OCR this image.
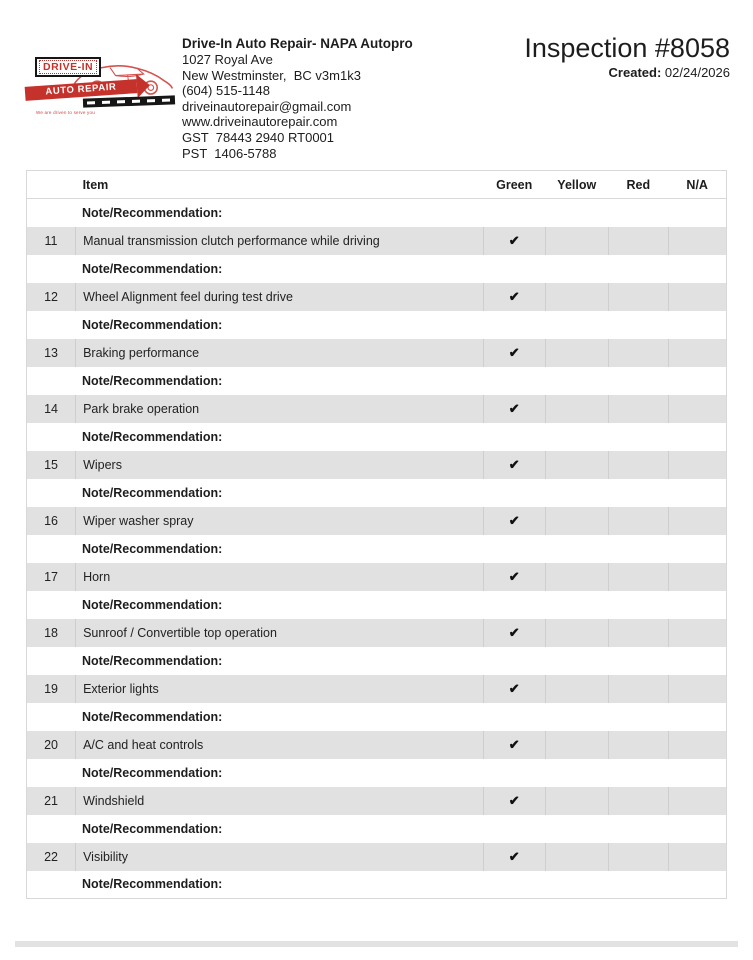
DRIVE-IN
AUTO REPAIR
We are driven to serve you
Drive-In Auto Repair- NAPA Autopro
1027 Royal Ave
New Westminster,  BC v3m1k3
(604) 515-1148
driveinautorepair@gmail.com
www.driveinautorepair.com
GST  78443 2940 RT0001
PST  1406-5788
Inspection #8058
Created: 02/24/2026
	Item	Green	Yellow	Red	N/A
Note/Recommendation:					
11	Manual transmission clutch performance while driving	✔			
Note/Recommendation:					
12	Wheel Alignment feel during test drive	✔			
Note/Recommendation:					
13	Braking performance	✔			
Note/Recommendation:					
14	Park brake operation	✔			
Note/Recommendation:					
15	Wipers	✔			
Note/Recommendation:					
16	Wiper washer spray	✔			
Note/Recommendation:					
17	Horn	✔			
Note/Recommendation:					
18	Sunroof / Convertible top operation	✔			
Note/Recommendation:					
19	Exterior lights	✔			
Note/Recommendation:					
20	A/C and heat controls	✔			
Note/Recommendation:					
21	Windshield	✔			
Note/Recommendation:					
22	Visibility	✔			
Note/Recommendation:					
